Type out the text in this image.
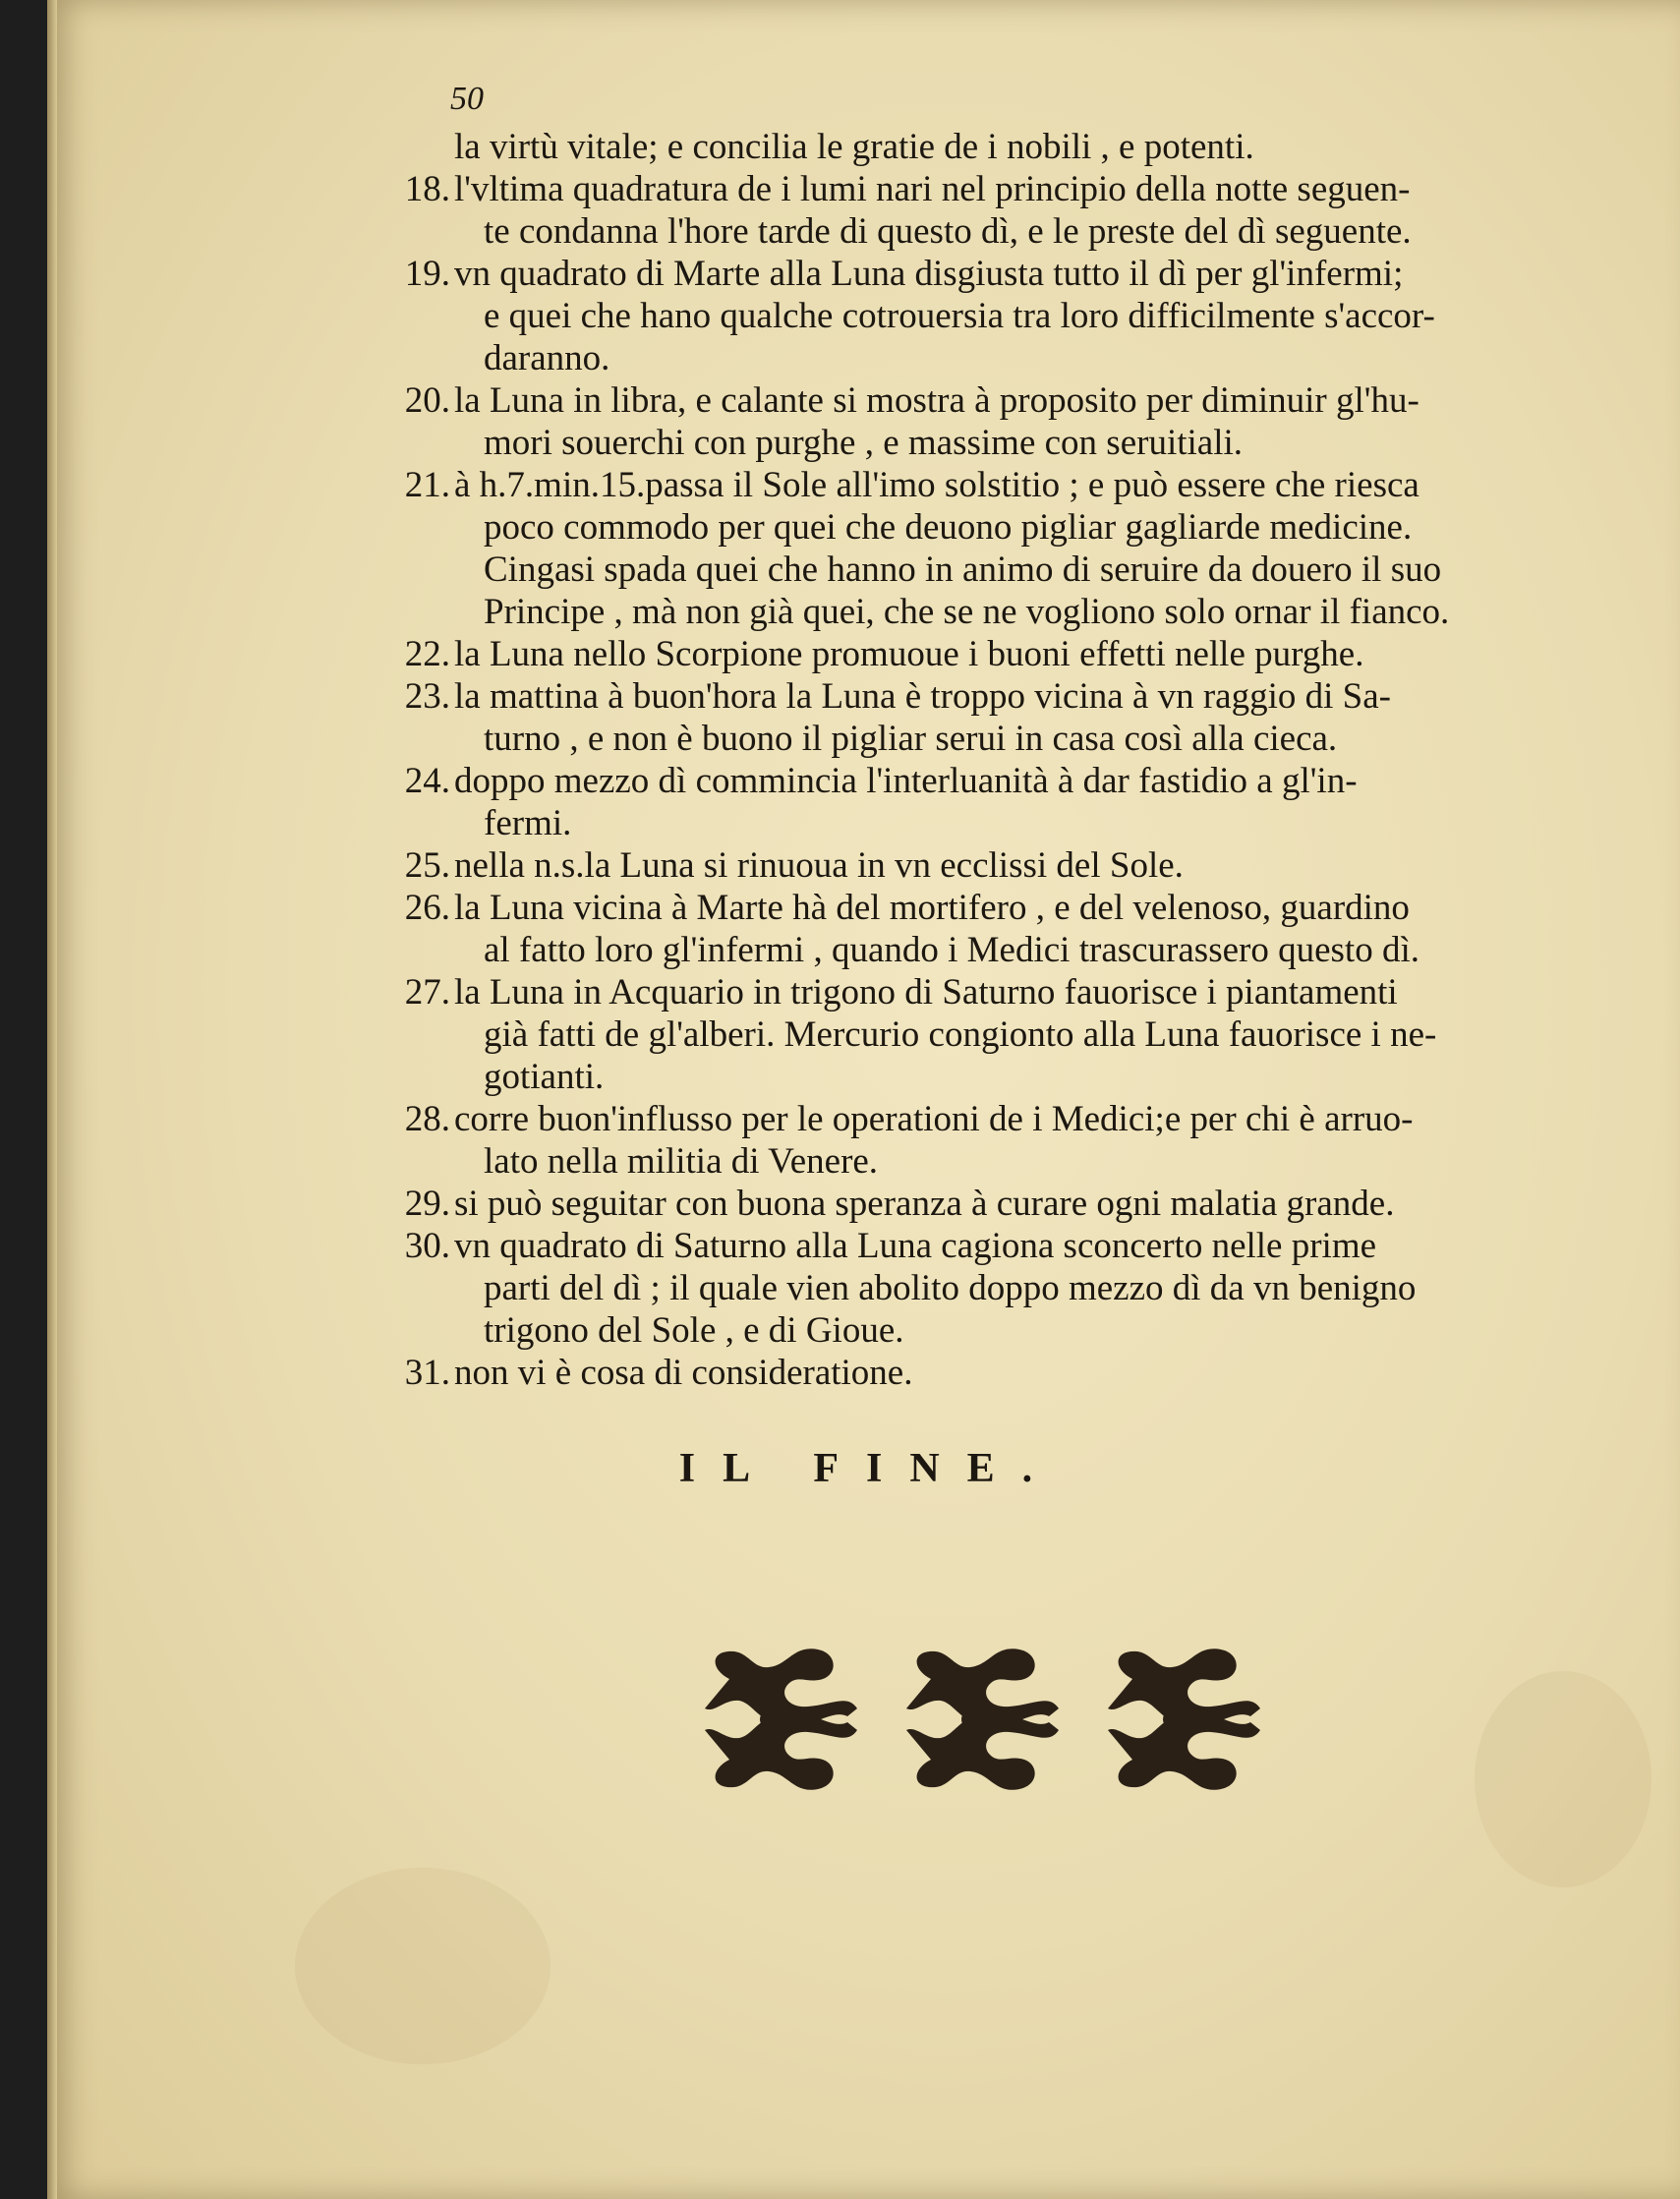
50
la virtù vitale; e concilia le gratie de i nobili , e potenti.
18. l'vltima quadratura de i lumi nari nel principio della notte seguen-
te condanna l'hore tarde di questo dì, e le preste del dì seguente.
19. vn quadrato di Marte alla Luna disgiusta tutto il dì per gl'infermi;
e quei che hano qualche cotrouersia tra loro difficilmente s'accor-
daranno.
20. la Luna in libra, e calante si mostra à proposito per diminuir gl'hu-
mori souerchi con purghe , e massime con seruitiali.
21. à h.7.min.15.passa il Sole all'imo solstitio ; e può essere che riesca
poco commodo per quei che deuono pigliar gagliarde medicine.
Cingasi spada quei che hanno in animo di seruire da douero il suo
Principe , mà non già quei, che se ne vogliono solo ornar il fianco.
22. la Luna nello Scorpione promuoue i buoni effetti nelle purghe.
23. la mattina à buon'hora la Luna è troppo vicina à vn raggio di Sa-
turno , e non è buono il pigliar serui in casa così alla cieca.
24. doppo mezzo dì commincia l'interluanità à dar fastidio a gl'in-
fermi.
25. nella n.s.la Luna si rinuoua in vn ecclissi del Sole.
26. la Luna vicina à Marte hà del mortifero , e del velenoso, guardino
al fatto loro gl'infermi , quando i Medici trascurassero questo dì.
27. la Luna in Acquario in trigono di Saturno fauorisce i piantamenti
già fatti de gl'alberi. Mercurio congionto alla Luna fauorisce i ne-
gotianti.
28. corre buon'influsso per le operationi de i Medici;e per chi è arruo-
lato nella militia di Venere.
29. si può seguitar con buona speranza à curare ogni malatia grande.
30. vn quadrato di Saturno alla Luna cagiona sconcerto nelle prime
parti del dì ; il quale vien abolito doppo mezzo dì da vn benigno
trigono del Sole , e di Gioue.
31. non vi è cosa di consideratione.
IL FINE.
